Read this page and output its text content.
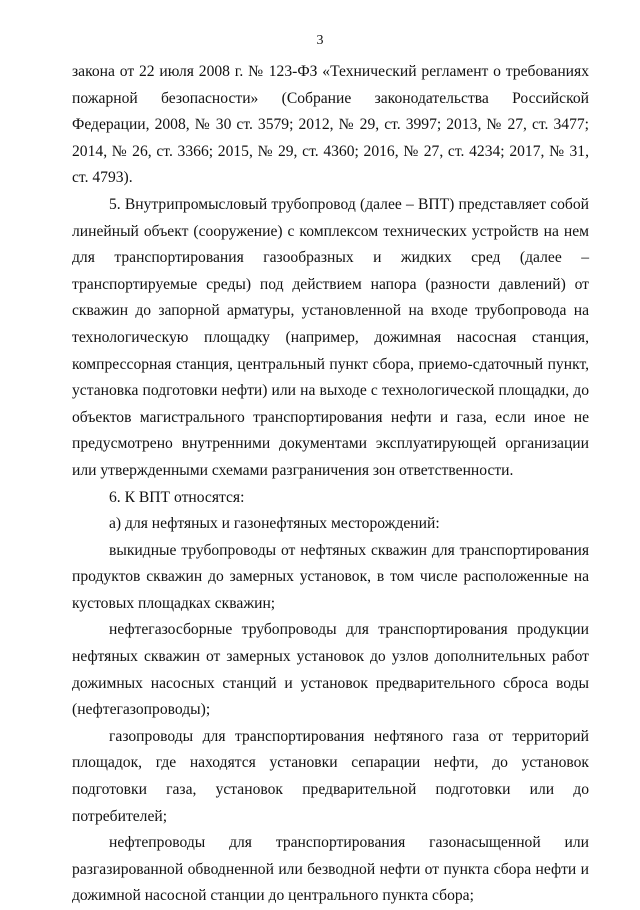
3

закона от 22 июля 2008 г. № 123-ФЗ «Технический регламент о требованиях пожарной безопасности» (Собрание законодательства Российской Федерации, 2008, № 30 ст. 3579; 2012, № 29, ст. 3997; 2013, № 27, ст. 3477; 2014, № 26, ст. 3366; 2015, № 29, ст. 4360; 2016, № 27, ст. 4234; 2017, № 31, ст. 4793).

5. Внутрипромысловый трубопровод (далее – ВПТ) представляет собой линейный объект (сооружение) с комплексом технических устройств на нем для транспортирования газообразных и жидких сред (далее – транспортируемые среды) под действием напора (разности давлений) от скважин до запорной арматуры, установленной на входе трубопровода на технологическую площадку (например, дожимная насосная станция, компрессорная станция, центральный пункт сбора, приемо-сдаточный пункт, установка подготовки нефти) или на выходе с технологической площадки, до объектов магистрального транспортирования нефти и газа, если иное не предусмотрено внутренними документами эксплуатирующей организации или утвержденными схемами разграничения зон ответственности.

6. К ВПТ относятся:

а) для нефтяных и газонефтяных месторождений:

выкидные трубопроводы от нефтяных скважин для транспортирования продуктов скважин до замерных установок, в том числе расположенные на кустовых площадках скважин;

нефтегазосборные трубопроводы для транспортирования продукции нефтяных скважин от замерных установок до узлов дополнительных работ дожимных насосных станций и установок предварительного сброса воды (нефтегазопроводы);

газопроводы для транспортирования нефтяного газа от территорий площадок, где находятся установки сепарации нефти, до установок подготовки газа, установок предварительной подготовки или до потребителей;

нефтепроводы для транспортирования газонасыщенной или разгазированной обводненной или безводной нефти от пункта сбора нефти и дожимной насосной станции до центрального пункта сбора;
